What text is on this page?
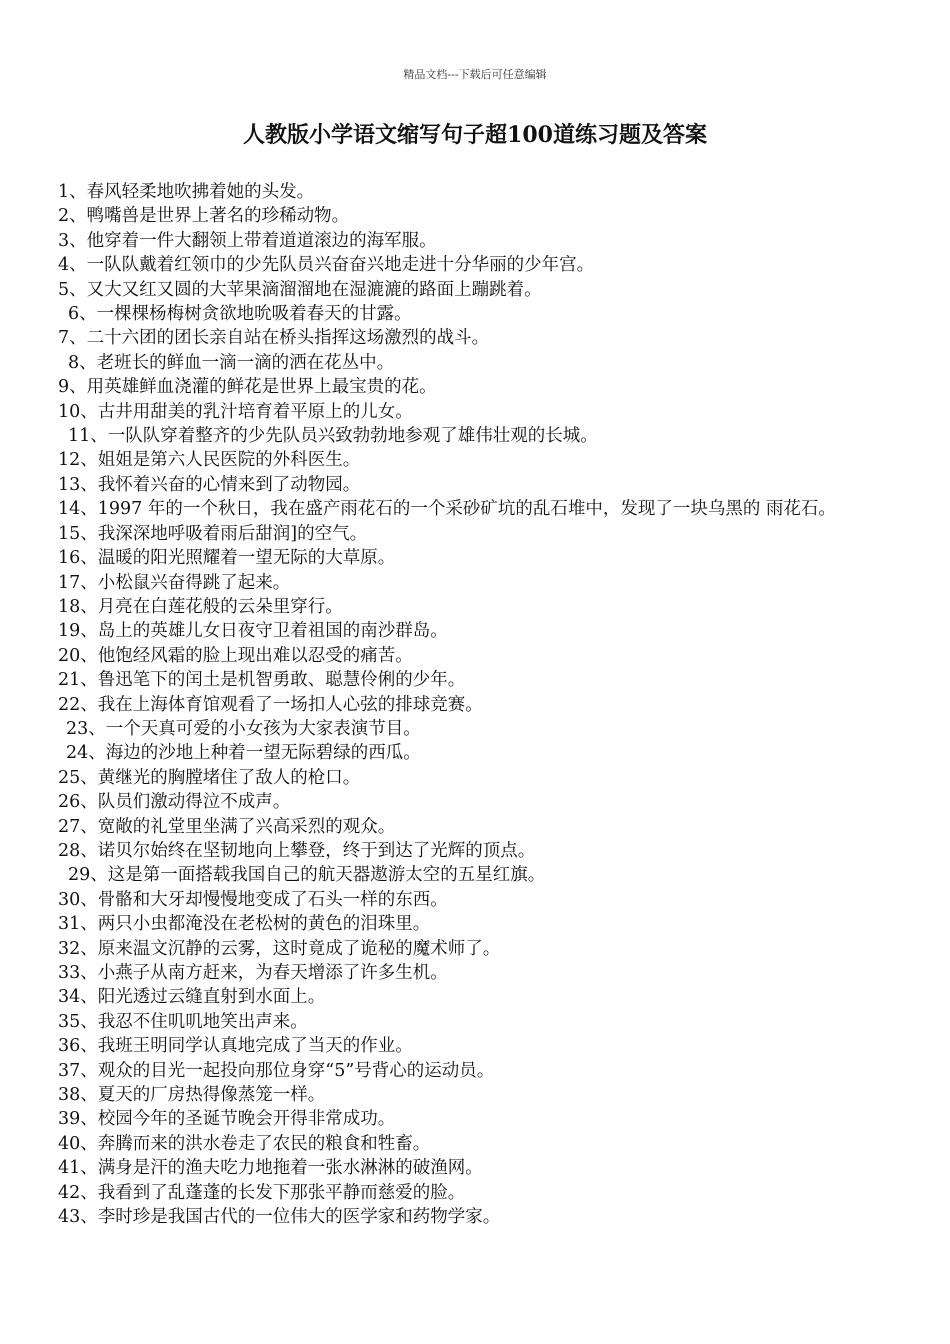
精品文档---下载后可任意编辑
人教版小学语文缩写句子超100道练习题及答案
1、春风轻柔地吹拂着她的头发。
2、鸭嘴兽是世界上著名的珍稀动物。
3、他穿着一件大翻领上带着道道滚边的海军服。
4、一队队戴着红领巾的少先队员兴奋奋兴地走进十分华丽的少年宫。
5、又大又红又圆的大苹果滴溜溜地在湿漉漉的路面上蹦跳着。
6、一棵棵杨梅树贪欲地吮吸着春天的甘露。
7、二十六团的团长亲自站在桥头指挥这场激烈的战斗。
8、老班长的鲜血一滴一滴的洒在花丛中。
9、用英雄鲜血浇灌的鲜花是世界上最宝贵的花。
10、古井用甜美的乳汁培育着平原上的儿女。
11、一队队穿着整齐的少先队员兴致勃勃地参观了雄伟壮观的长城。
12、姐姐是第六人民医院的外科医生。
13、我怀着兴奋的心情来到了动物园。
14、1997 年的一个秋日，我在盛产雨花石的一个采砂矿坑的乱石堆中，发现了一块乌黑的 雨花石。
15、我深深地呼吸着雨后甜润]的空气。
16、温暖的阳光照耀着一望无际的大草原。
17、小松鼠兴奋得跳了起来。
18、月亮在白莲花般的云朵里穿行。
19、岛上的英雄儿女日夜守卫着祖国的南沙群岛。
20、他饱经风霜的脸上现出难以忍受的痛苦。
21、鲁迅笔下的闰土是机智勇敢、聪慧伶俐的少年。
22、我在上海体育馆观看了一场扣人心弦的排球竞赛。
23、一个天真可爱的小女孩为大家表演节目。
24、海边的沙地上种着一望无际碧绿的西瓜。
25、黄继光的胸膛堵住了敌人的枪口。
26、队员们激动得泣不成声。
27、宽敞的礼堂里坐满了兴高采烈的观众。
28、诺贝尔始终在坚韧地向上攀登，终于到达了光辉的顶点。
29、这是第一面搭载我国自己的航天器遨游太空的五星红旗。
30、骨骼和大牙却慢慢地变成了石头一样的东西。
31、两只小虫都淹没在老松树的黄色的泪珠里。
32、原来温文沉静的云雾，这时竟成了诡秘的魔术师了。
33、小燕子从南方赶来，为春天增添了许多生机。
34、阳光透过云缝直射到水面上。
35、我忍不住叽叽地笑出声来。
36、我班王明同学认真地完成了当天的作业。
37、观众的目光一起投向那位身穿“5”号背心的运动员。
38、夏天的厂房热得像蒸笼一样。
39、校园今年的圣诞节晚会开得非常成功。
40、奔腾而来的洪水卷走了农民的粮食和牲畜。
41、满身是汗的渔夫吃力地拖着一张水淋淋的破渔网。
42、我看到了乱蓬蓬的长发下那张平静而慈爱的脸。
43、李时珍是我国古代的一位伟大的医学家和药物学家。
